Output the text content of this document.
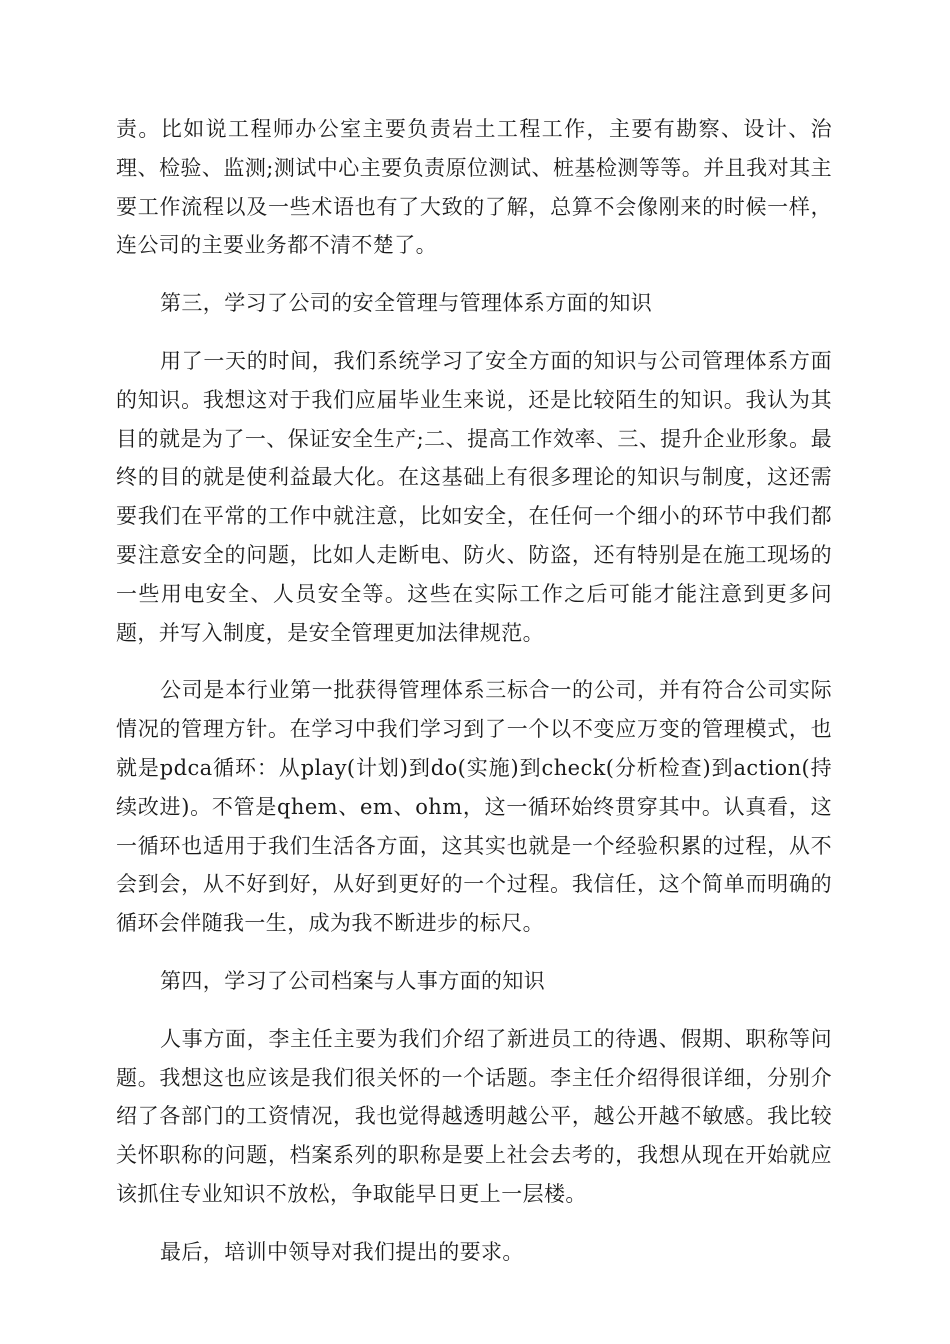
责。比如说工程师办公室主要负责岩土工程工作，主要有勘察、设计、治理、检验、监测;测试中心主要负责原位测试、桩基检测等等。并且我对其主要工作流程以及一些术语也有了大致的了解，总算不会像刚来的时候一样，连公司的主要业务都不清不楚了。

第三，学习了公司的安全管理与管理体系方面的知识

用了一天的时间，我们系统学习了安全方面的知识与公司管理体系方面的知识。我想这对于我们应届毕业生来说，还是比较陌生的知识。我认为其目的就是为了一、保证安全生产;二、提高工作效率、三、提升企业形象。最终的目的就是使利益最大化。在这基础上有很多理论的知识与制度，这还需要我们在平常的工作中就注意，比如安全，在任何一个细小的环节中我们都要注意安全的问题，比如人走断电、防火、防盗，还有特别是在施工现场的一些用电安全、人员安全等。这些在实际工作之后可能才能注意到更多问题，并写入制度，是安全管理更加法律规范。

公司是本行业第一批获得管理体系三标合一的公司，并有符合公司实际情况的管理方针。在学习中我们学习到了一个以不变应万变的管理模式，也就是pdca循环：从play(计划)到do(实施)到check(分析检查)到action(持续改进)。不管是qhem、em、ohm，这一循环始终贯穿其中。认真看，这一循环也适用于我们生活各方面，这其实也就是一个经验积累的过程，从不会到会，从不好到好，从好到更好的一个过程。我信任，这个简单而明确的循环会伴随我一生，成为我不断进步的标尺。

第四，学习了公司档案与人事方面的知识

人事方面，李主任主要为我们介绍了新进员工的待遇、假期、职称等问题。我想这也应该是我们很关怀的一个话题。李主任介绍得很详细，分别介绍了各部门的工资情况，我也觉得越透明越公平，越公开越不敏感。我比较关怀职称的问题，档案系列的职称是要上社会去考的，我想从现在开始就应该抓住专业知识不放松，争取能早日更上一层楼。

最后，培训中领导对我们提出的要求。
